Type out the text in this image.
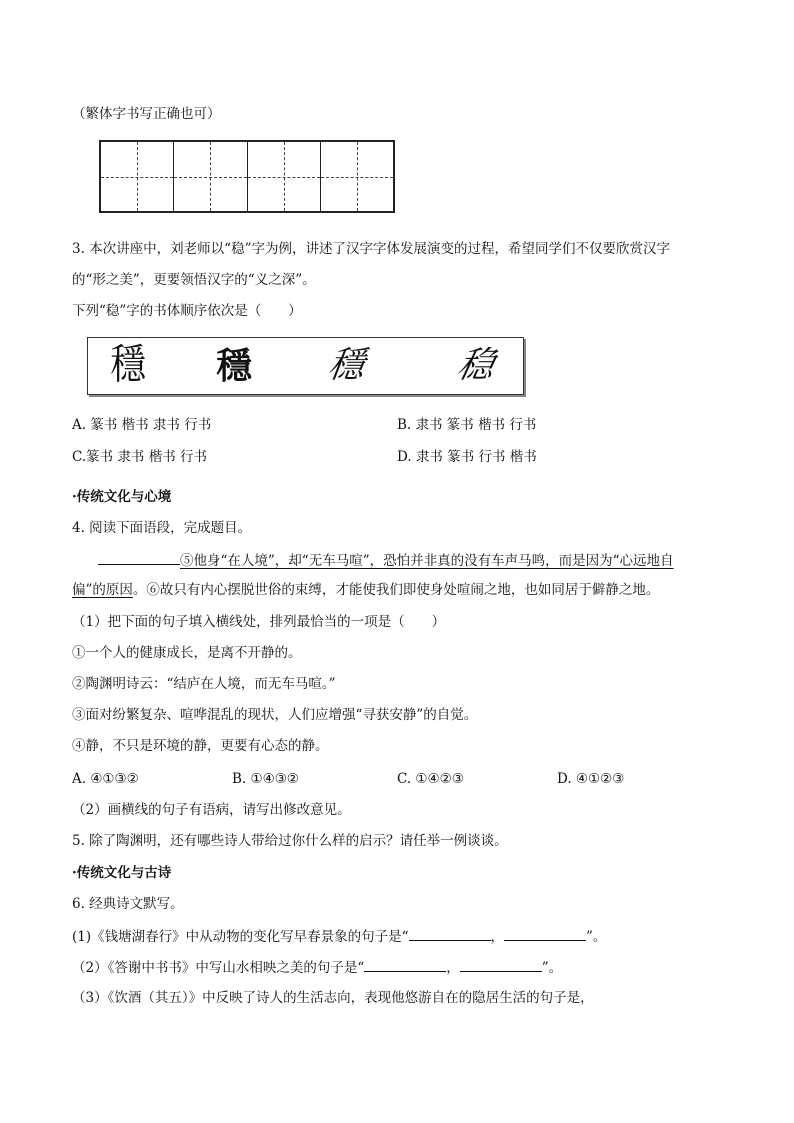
（繁体字书写正确也可）
3. 本次讲座中，刘老师以“稳”字为例，讲述了汉字字体发展演变的过程，希望同学们不仅要欣赏汉字
的“形之美”，更要领悟汉字的“义之深”。
下列“稳”字的书体顺序依次是（　　）
穩 穩 穩 稳
A. 篆书 楷书 隶书 行书	B. 隶书 篆书 楷书 行书
C.篆书 隶书 楷书 行书	D. 隶书 篆书 行书 楷书
·传统文化与心境
4. 阅读下面语段，完成题目。
⑤他身“在人境”，却“无车马喧”，恐怕并非真的没有车声马鸣，而是因为“心远地自
偏”的原因。⑥故只有内心摆脱世俗的束缚，才能使我们即使身处喧闹之地，也如同居于僻静之地。
（1）把下面的句子填入横线处，排列最恰当的一项是（　　）
①一个人的健康成长，是离不开静的。
②陶渊明诗云：“结庐在人境，而无车马喧。”
③面对纷繁复杂、喧哗混乱的现状，人们应增强“寻获安静”的自觉。
④静，不只是环境的静，更要有心态的静。
A. ④①③②	B. ①④③②	C. ①④②③	D. ④①②③
（2）画横线的句子有语病，请写出修改意见。
5. 除了陶渊明，还有哪些诗人带给过你什么样的启示？请任举一例谈谈。
·传统文化与古诗
6. 经典诗文默写。
(1)《钱塘湖春行》中从动物的变化写早春景象的句子是“	，	”。
（2）《答谢中书书》中写山水相映之美的句子是“	，	”。
（3）《饮酒（其五）》中反映了诗人的生活志向，表现他悠游自在的隐居生活的句子是，
